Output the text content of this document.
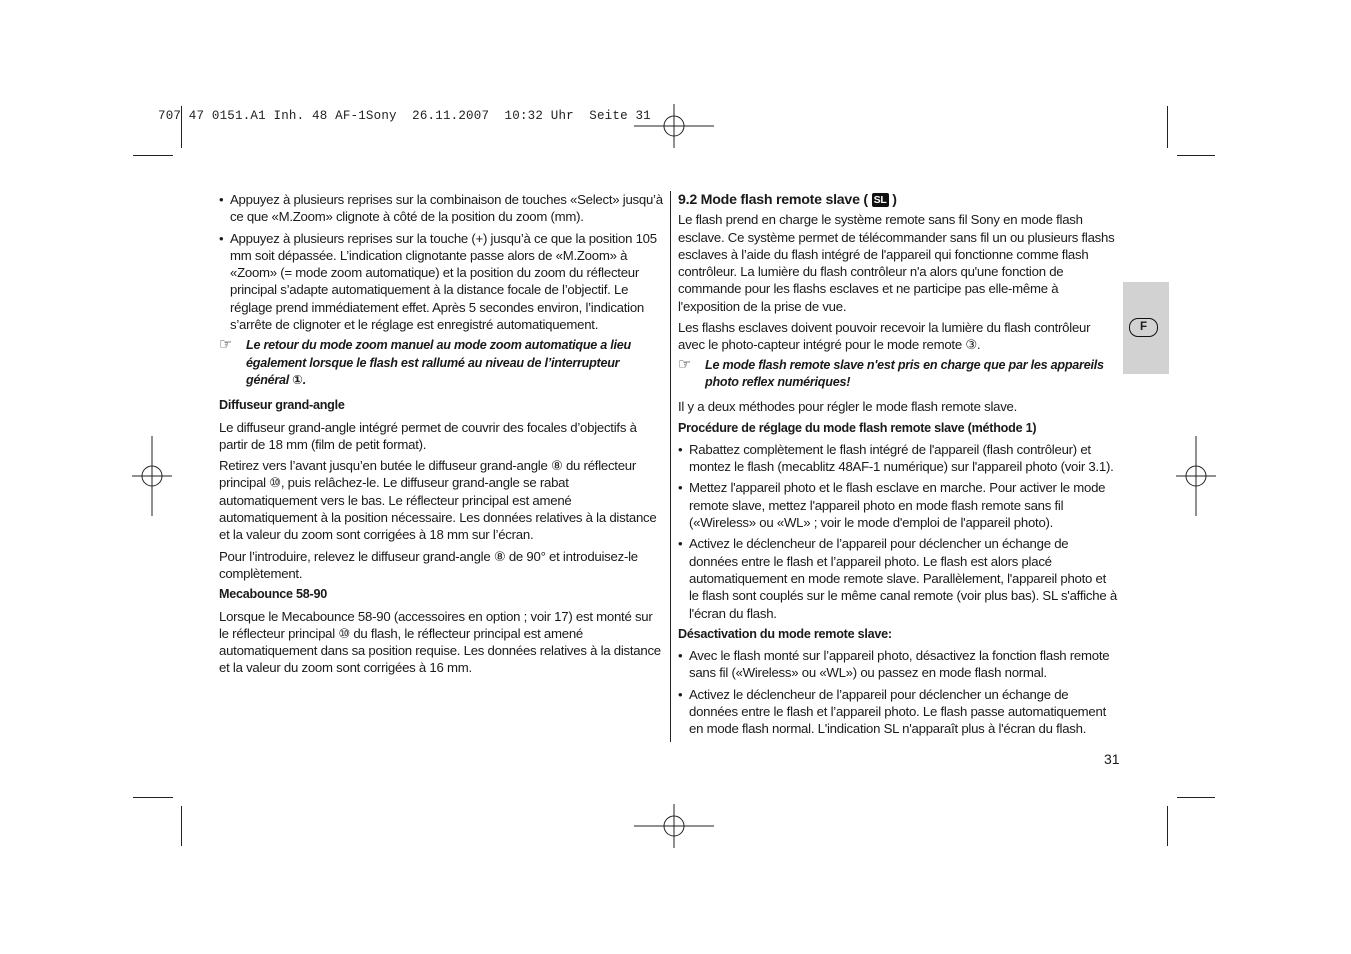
707 47 0151.A1 Inh. 48 AF-1Sony  26.11.2007  10:32 Uhr  Seite 31
F

• Appuyez à plusieurs reprises sur la combinaison de touches «Select» jusqu’à ce que «M.Zoom» clignote à côté de la position du zoom (mm).

• Appuyez à plusieurs reprises sur la touche (+) jusqu’à ce que la position 105 mm soit dépassée. L’indication clignotante passe alors de «M.Zoom» à «Zoom» (= mode zoom automatique) et la position du zoom du réflecteur principal s’adapte automatiquement à la distance focale de l’objectif. Le réglage prend immédiatement effet. Après 5 secondes environ, l’indication s’arrête de clignoter et le réglage est enregistré automatiquement.

☞ Le retour du mode zoom manuel au mode zoom automatique a lieu également lorsque le flash est rallumé au niveau de l’interrupteur général ①.

Diffuseur grand-angle

Le diffuseur grand-angle intégré permet de couvrir des focales d’objectifs à partir de 18 mm (film de petit format).

Retirez vers l’avant jusqu’en butée le diffuseur grand-angle ⑧ du réflecteur principal ⑩, puis relâchez-le. Le diffuseur grand-angle se rabat automatiquement vers le bas. Le réflecteur principal est amené automatiquement à la position nécessaire. Les données relatives à la distance et la valeur du zoom sont corrigées à 18 mm sur l’écran.

Pour l’introduire, relevez le diffuseur grand-angle ⑧ de 90° et introduisez-le complètement.

Mecabounce 58-90

Lorsque le Mecabounce 58-90 (accessoires en option ; voir 17) est monté sur le réflecteur principal ⑩ du flash, le réflecteur principal est amené automatiquement dans sa position requise. Les données relatives à la distance et la valeur du zoom sont corrigées à 16 mm.

9.2 Mode flash remote slave ( SL )

Le flash prend en charge le système remote sans fil Sony en mode flash esclave. Ce système permet de télécommander sans fil un ou plusieurs flashs esclaves à l’aide du flash intégré de l'appareil qui fonctionne comme flash contrôleur. La lumière du flash contrôleur n'a alors qu'une fonction de commande pour les flashs esclaves et ne participe pas elle-même à l'exposition de la prise de vue.

Les flashs esclaves doivent pouvoir recevoir la lumière du flash contrôleur avec le photo-capteur intégré pour le mode remote ③.

☞ Le mode flash remote slave n'est pris en charge que par les appareils photo reflex numériques!

Il y a deux méthodes pour régler le mode flash remote slave.

Procédure de réglage du mode flash remote slave (méthode 1)

• Rabattez complètement le flash intégré de l'appareil (flash contrôleur) et montez le flash (mecablitz 48AF-1 numérique) sur l'appareil photo (voir 3.1).

• Mettez l'appareil photo et le flash esclave en marche. Pour activer le mode remote slave, mettez l'appareil photo en mode flash remote sans fil («Wireless» ou «WL» ; voir le mode d'emploi de l'appareil photo).

• Activez le déclencheur de l’appareil pour déclencher un échange de données entre le flash et l’appareil photo. Le flash est alors placé automatiquement en mode remote slave. Parallèlement, l'appareil photo et le flash sont couplés sur le même canal remote (voir plus bas). SL s'affiche à l'écran du flash.

Désactivation du mode remote slave:

• Avec le flash monté sur l’appareil photo, désactivez la fonction flash remote sans fil («Wireless» ou «WL») ou passez en mode flash normal.

• Activez le déclencheur de l’appareil pour déclencher un échange de données entre le flash et l’appareil photo. Le flash passe automatiquement en mode flash normal. L'indication SL n'apparaît plus à l'écran du flash.

31
